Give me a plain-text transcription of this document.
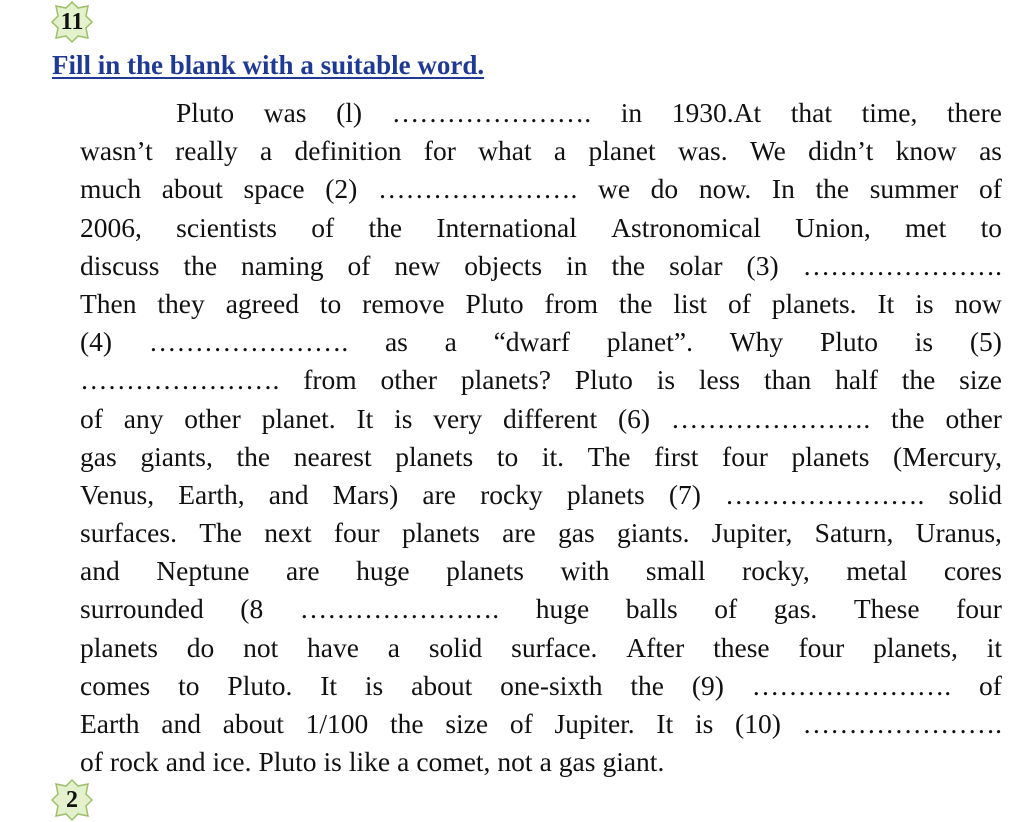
11
Fill in the blank with a suitable word.
Pluto was (l) …………………. in 1930.At that time, there
wasn’t really a definition for what a planet was. We didn’t know as
much about space (2) …………………. we do now. In the summer of
2006, scientists of the International Astronomical Union, met to
discuss the naming of new objects in the solar (3) ………………….
Then they agreed to remove Pluto from the list of planets. It is now
(4) …………………. as a “dwarf planet”. Why Pluto is (5)
…………………. from other planets? Pluto is less than half the size
of any other planet. It is very different (6) …………………. the other
gas giants, the nearest planets to it. The first four planets (Mercury,
Venus, Earth, and Mars) are rocky planets (7) …………………. solid
surfaces. The next four planets are gas giants. Jupiter, Saturn, Uranus,
and Neptune are huge planets with small rocky, metal cores
surrounded (8 …………………. huge balls of gas. These four
planets do not have a solid surface. After these four planets, it
comes to Pluto. It is about one-sixth the (9) …………………. of
Earth and about 1/100 the size of Jupiter. It is (10) ………………….
of rock and ice. Pluto is like a comet, not a gas giant.
2
